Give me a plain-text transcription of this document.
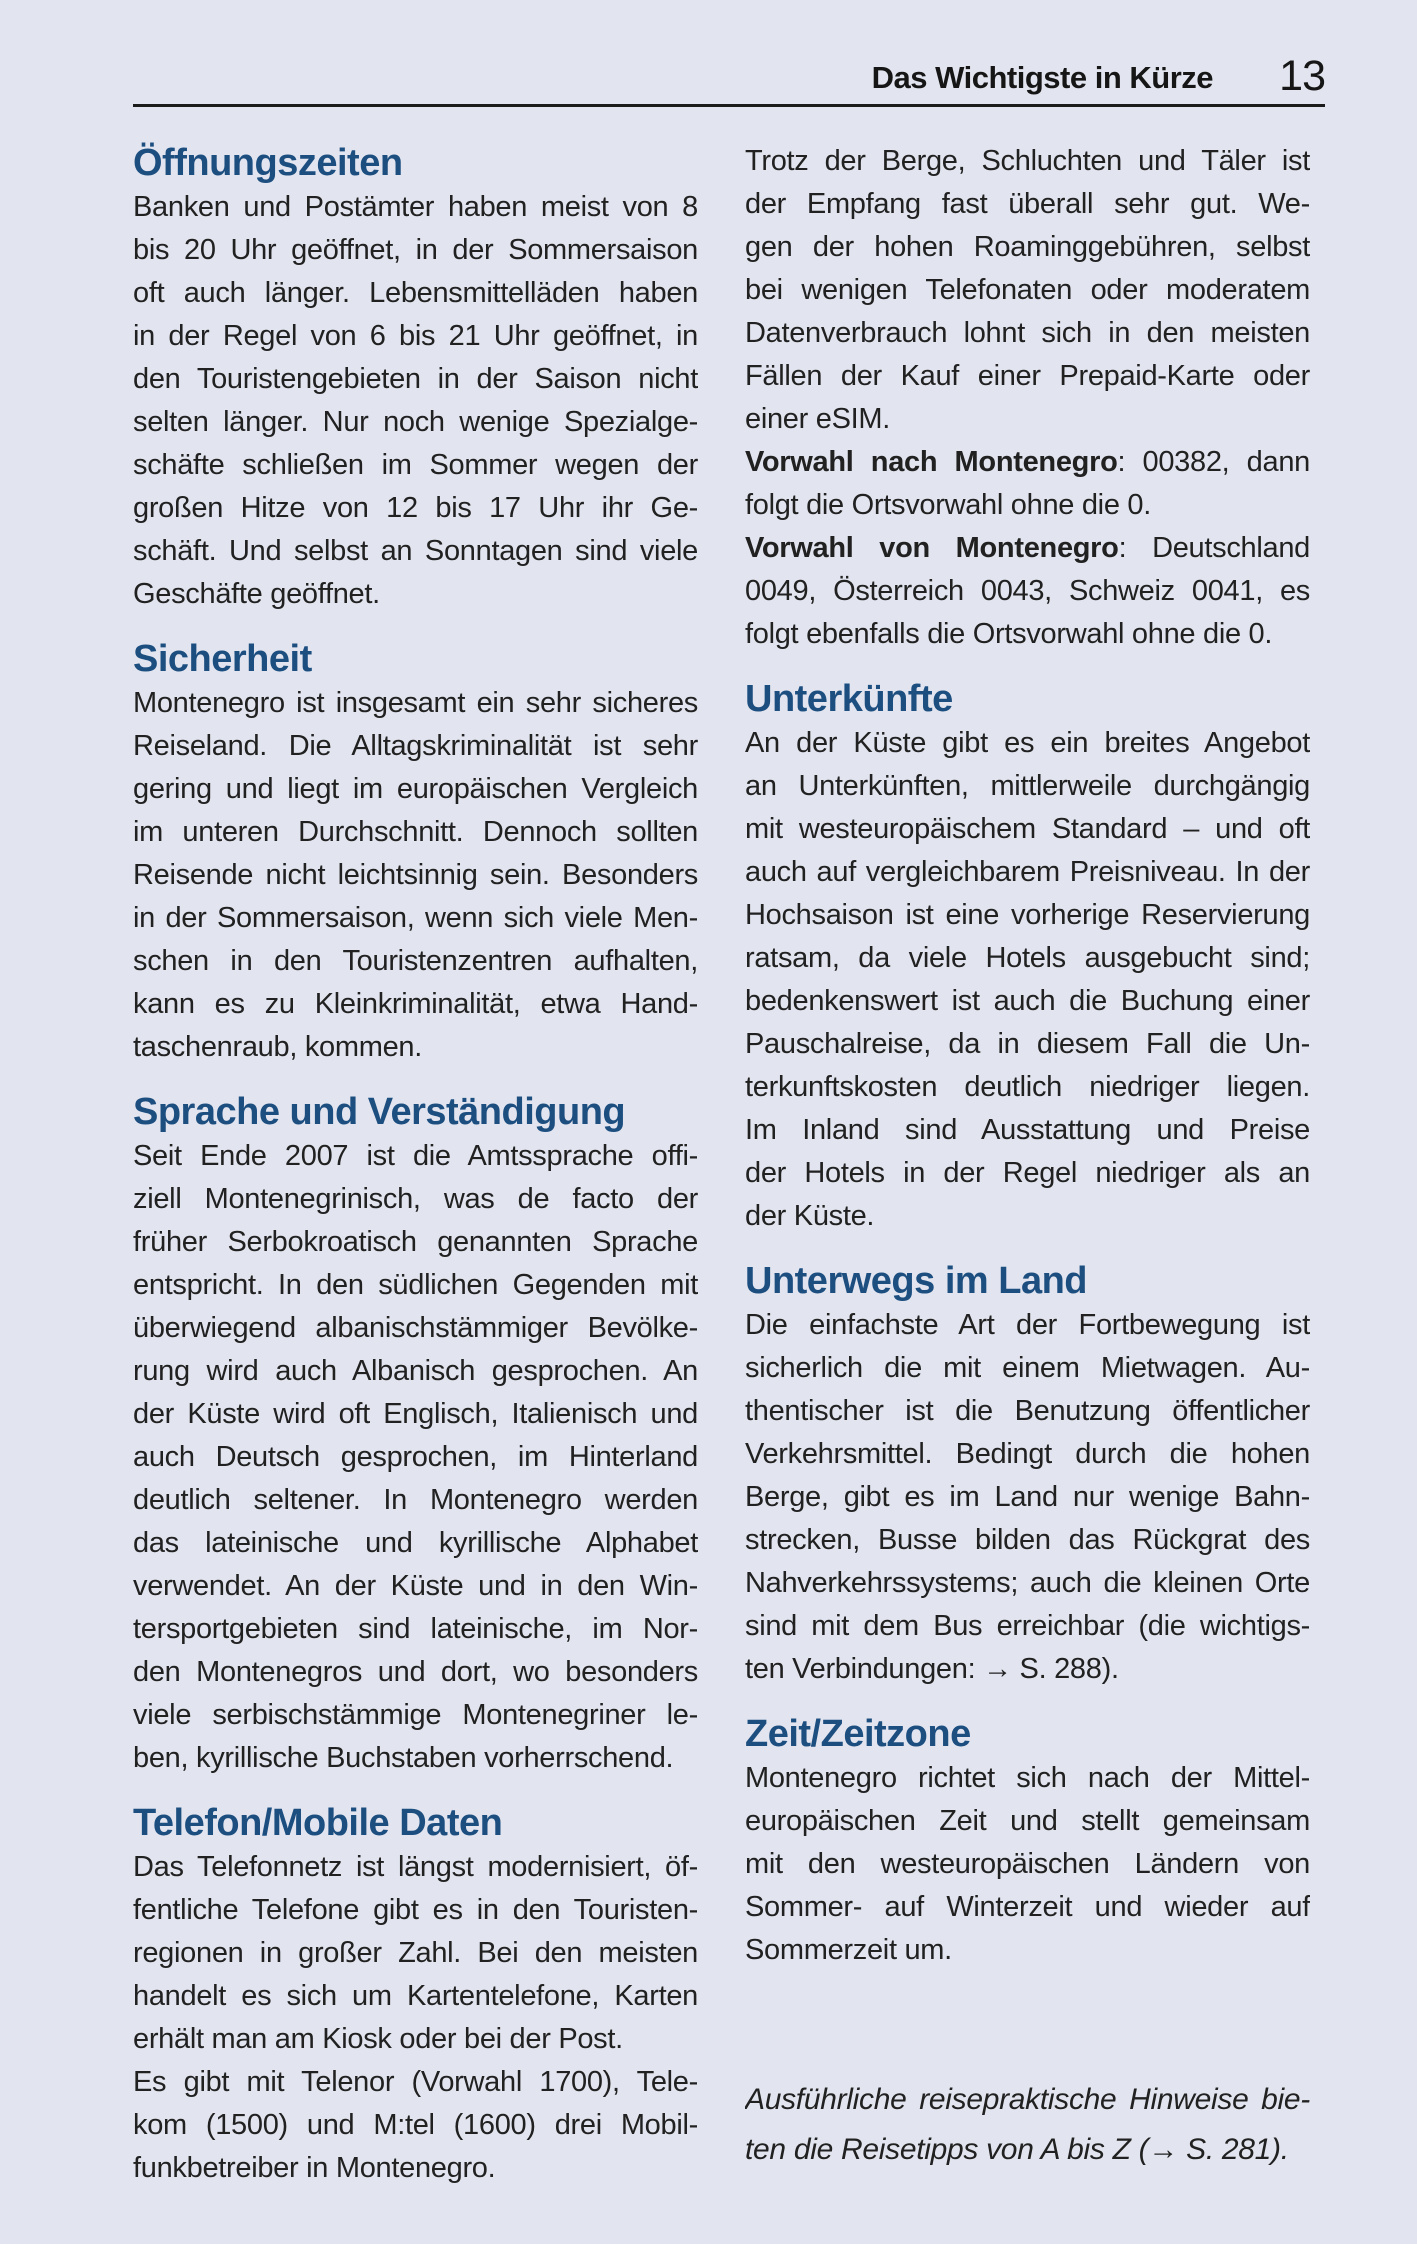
Das Wichtigste in Kürze 13
Öffnungszeiten
Banken und Postämter haben meist von 8
bis 20 Uhr geöffnet, in der Sommersaison
oft auch länger. Lebensmittelläden haben
in der Regel von 6 bis 21 Uhr geöffnet, in
den Touristengebieten in der Saison nicht
selten länger. Nur noch wenige Spezialge-
schäfte schließen im Sommer wegen der
großen Hitze von 12 bis 17 Uhr ihr Ge-
schäft. Und selbst an Sonntagen sind viele
Geschäfte geöffnet.
Sicherheit
Montenegro ist insgesamt ein sehr sicheres
Reiseland. Die Alltagskriminalität ist sehr
gering und liegt im europäischen Vergleich
im unteren Durchschnitt. Dennoch sollten
Reisende nicht leichtsinnig sein. Besonders
in der Sommersaison, wenn sich viele Men-
schen in den Touristenzentren aufhalten,
kann es zu Kleinkriminalität, etwa Hand-
taschenraub, kommen.
Sprache und Verständigung
Seit Ende 2007 ist die Amtssprache offi-
ziell Montenegrinisch, was de facto der
früher Serbokroatisch genannten Sprache
entspricht. In den südlichen Gegenden mit
überwiegend albanischstämmiger Bevölke-
rung wird auch Albanisch gesprochen. An
der Küste wird oft Englisch, Italienisch und
auch Deutsch gesprochen, im Hinterland
deutlich seltener. In Montenegro werden
das lateinische und kyrillische Alphabet
verwendet. An der Küste und in den Win-
tersportgebieten sind lateinische, im Nor-
den Montenegros und dort, wo besonders
viele serbischstämmige Montenegriner le-
ben, kyrillische Buchstaben vorherrschend.
Telefon/Mobile Daten
Das Telefonnetz ist längst modernisiert, öf-
fentliche Telefone gibt es in den Touristen-
regionen in großer Zahl. Bei den meisten
handelt es sich um Kartentelefone, Karten
erhält man am Kiosk oder bei der Post.
Es gibt mit Telenor (Vorwahl 1700), Tele-
kom (1500) und M:tel (1600) drei Mobil-
funkbetreiber in Montenegro.
Trotz der Berge, Schluchten und Täler ist
der Empfang fast überall sehr gut. We-
gen der hohen Roaminggebühren, selbst
bei wenigen Telefonaten oder moderatem
Datenverbrauch lohnt sich in den meisten
Fällen der Kauf einer Prepaid-Karte oder
einer eSIM.
Vorwahl nach Montenegro: 00382, dann
folgt die Ortsvorwahl ohne die 0.
Vorwahl von Montenegro: Deutschland
0049, Österreich 0043, Schweiz 0041, es
folgt ebenfalls die Ortsvorwahl ohne die 0.
Unterkünfte
An der Küste gibt es ein breites Angebot
an Unterkünften, mittlerweile durchgängig
mit westeuropäischem Standard – und oft
auch auf vergleichbarem Preisniveau. In der
Hochsaison ist eine vorherige Reservierung
ratsam, da viele Hotels ausgebucht sind;
bedenkenswert ist auch die Buchung einer
Pauschalreise, da in diesem Fall die Un-
terkunftskosten deutlich niedriger liegen.
Im Inland sind Ausstattung und Preise
der Hotels in der Regel niedriger als an
der Küste.
Unterwegs im Land
Die einfachste Art der Fortbewegung ist
sicherlich die mit einem Mietwagen. Au-
thentischer ist die Benutzung öffentlicher
Verkehrsmittel. Bedingt durch die hohen
Berge, gibt es im Land nur wenige Bahn-
strecken, Busse bilden das Rückgrat des
Nahverkehrssystems; auch die kleinen Orte
sind mit dem Bus erreichbar (die wichtigs-
ten Verbindungen: → S. 288).
Zeit/Zeitzone
Montenegro richtet sich nach der Mittel-
europäischen Zeit und stellt gemeinsam
mit den westeuropäischen Ländern von
Sommer- auf Winterzeit und wieder auf
Sommerzeit um.
Ausführliche reisepraktische Hinweise bie-
ten die Reisetipps von A bis Z (→ S. 281).
